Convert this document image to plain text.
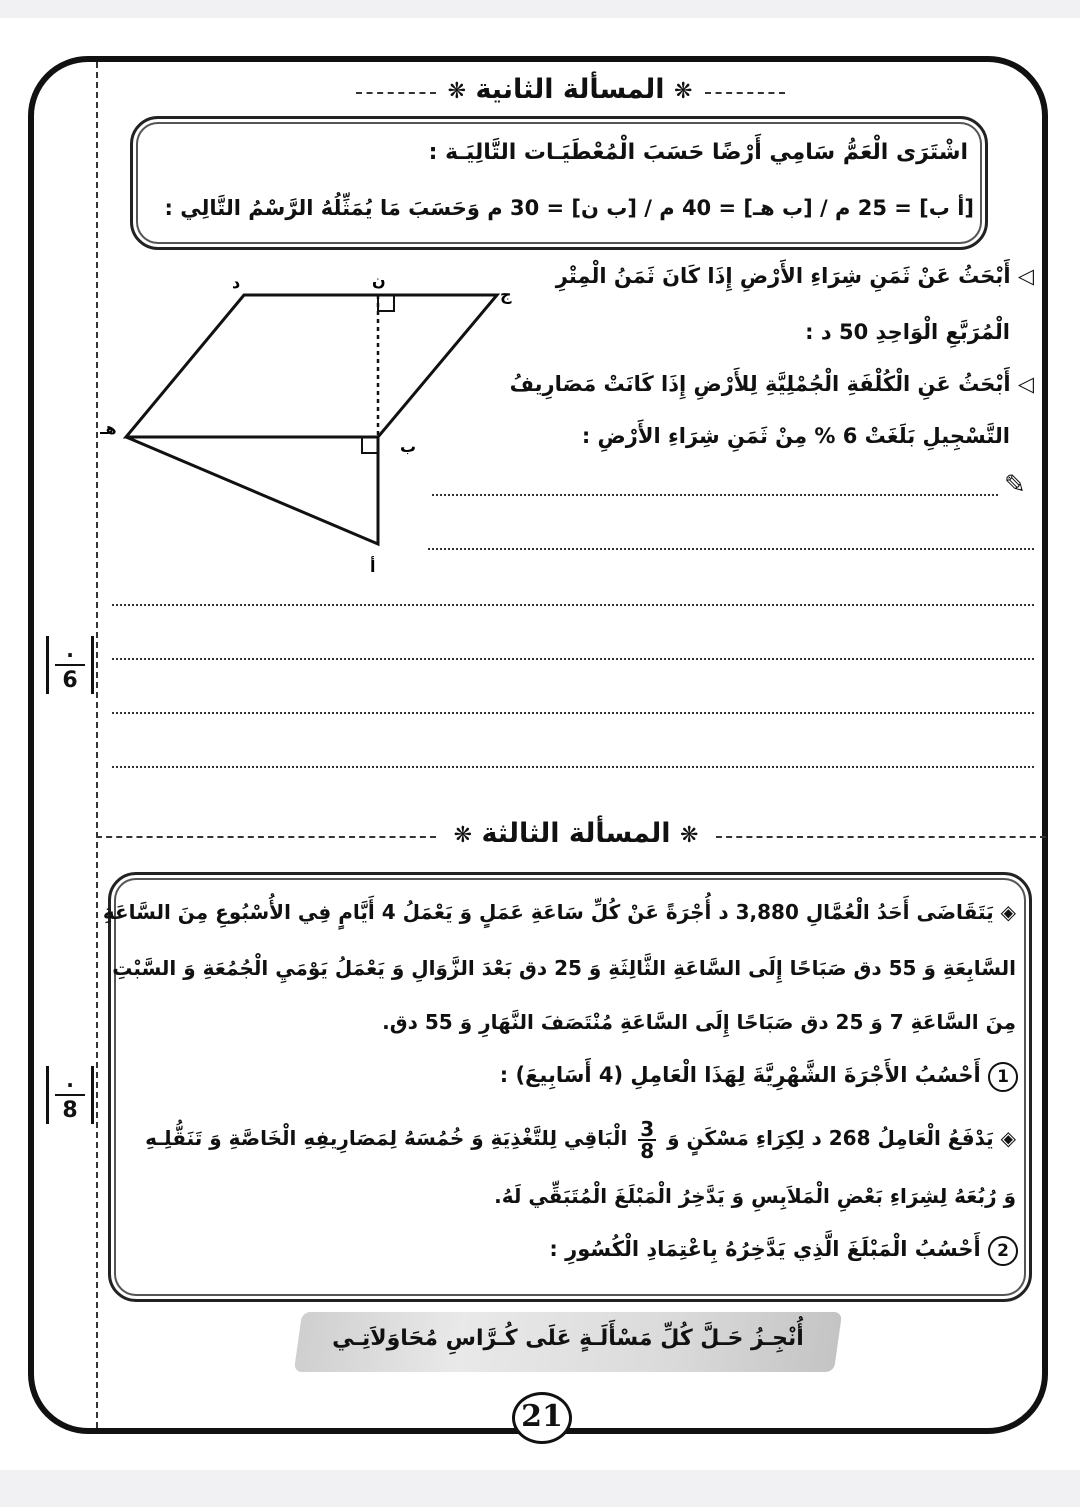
❋ المسألة الثانية ❋
اشْتَرَى الْعَمُّ سَامِي أَرْضًا حَسَبَ الْمُعْطَيَـات التَّالِيَـة :
[أ ب] = 25 م / [ب هـ] = 40 م / [ب ن] = 30 م وَحَسَبَ مَا يُمَثِّلُهُ الرَّسْمُ التَّالِي :
د	ن
ج
هـ
ب
أ
◁ أَبْحَثُ عَنْ ثَمَنِ شِرَاءِ الأَرْضِ إِذَا كَانَ ثَمَنُ الْمِتْرِ
الْمُرَبَّعِ الْوَاحِدِ 50 د :
◁ أَبْحَثُ عَنِ الْكُلْفَةِ الْجُمْلِيَّةِ لِلأَرْضِ إِذَا كَانَتْ مَصَارِيفُ
التَّسْجِيلِ بَلَغَتْ 6 % مِنْ ثَمَنِ شِرَاءِ الأَرْضِ :
✎
.
6
❋ المسألة الثالثة ❋
◈ يَتَقَاضَى أَحَدُ الْعُمَّالِ 3,880 د أُجْرَةً عَنْ كُلِّ سَاعَةِ عَمَلٍ وَ يَعْمَلُ 4 أَيَّامٍ فِي الأُسْبُوعِ مِنَ السَّاعَةِ
السَّابِعَةِ وَ 55 دق صَبَاحًا إِلَى السَّاعَةِ الثَّالِثَةِ وَ 25 دق بَعْدَ الزَّوَالِ وَ يَعْمَلُ يَوْمَيِ الْجُمُعَةِ وَ السَّبْتِ
مِنَ السَّاعَةِ 7 وَ 25 دق صَبَاحًا إِلَى السَّاعَةِ مُنْتَصَفَ النَّهَارِ وَ 55 دق.
1 أَحْسُبُ الأَجْرَةَ الشَّهْرِيَّةَ لِهَذَا الْعَامِلِ (4 أَسَابِيعَ) :
◈ يَدْفَعُ الْعَامِلُ 268 د لِكِرَاءِ مَسْكَنٍ وَ
$\frac{3}{8}$
الْبَاقِي لِلتَّغْذِيَةِ وَ خُمُسَهُ لِمَصَارِيفِهِ الْخَاصَّةِ وَ تَنَقُّلِـهِ
وَ رُبُعَهُ لِشِرَاءِ بَعْضِ الْمَلاَبِسِ وَ يَدَّخِرُ الْمَبْلَغَ الْمُتَبَقِّي لَهُ.
2 أَحْسُبُ الْمَبْلَغَ الَّذِي يَدَّخِرُهُ بِاعْتِمَادِ الْكُسُورِ :
.
8
أُنْجِـزُ حَـلَّ كُلِّ مَسْأَلَـةٍ عَلَى كُـرَّاسِ مُحَاوَلاَتِـي
21
